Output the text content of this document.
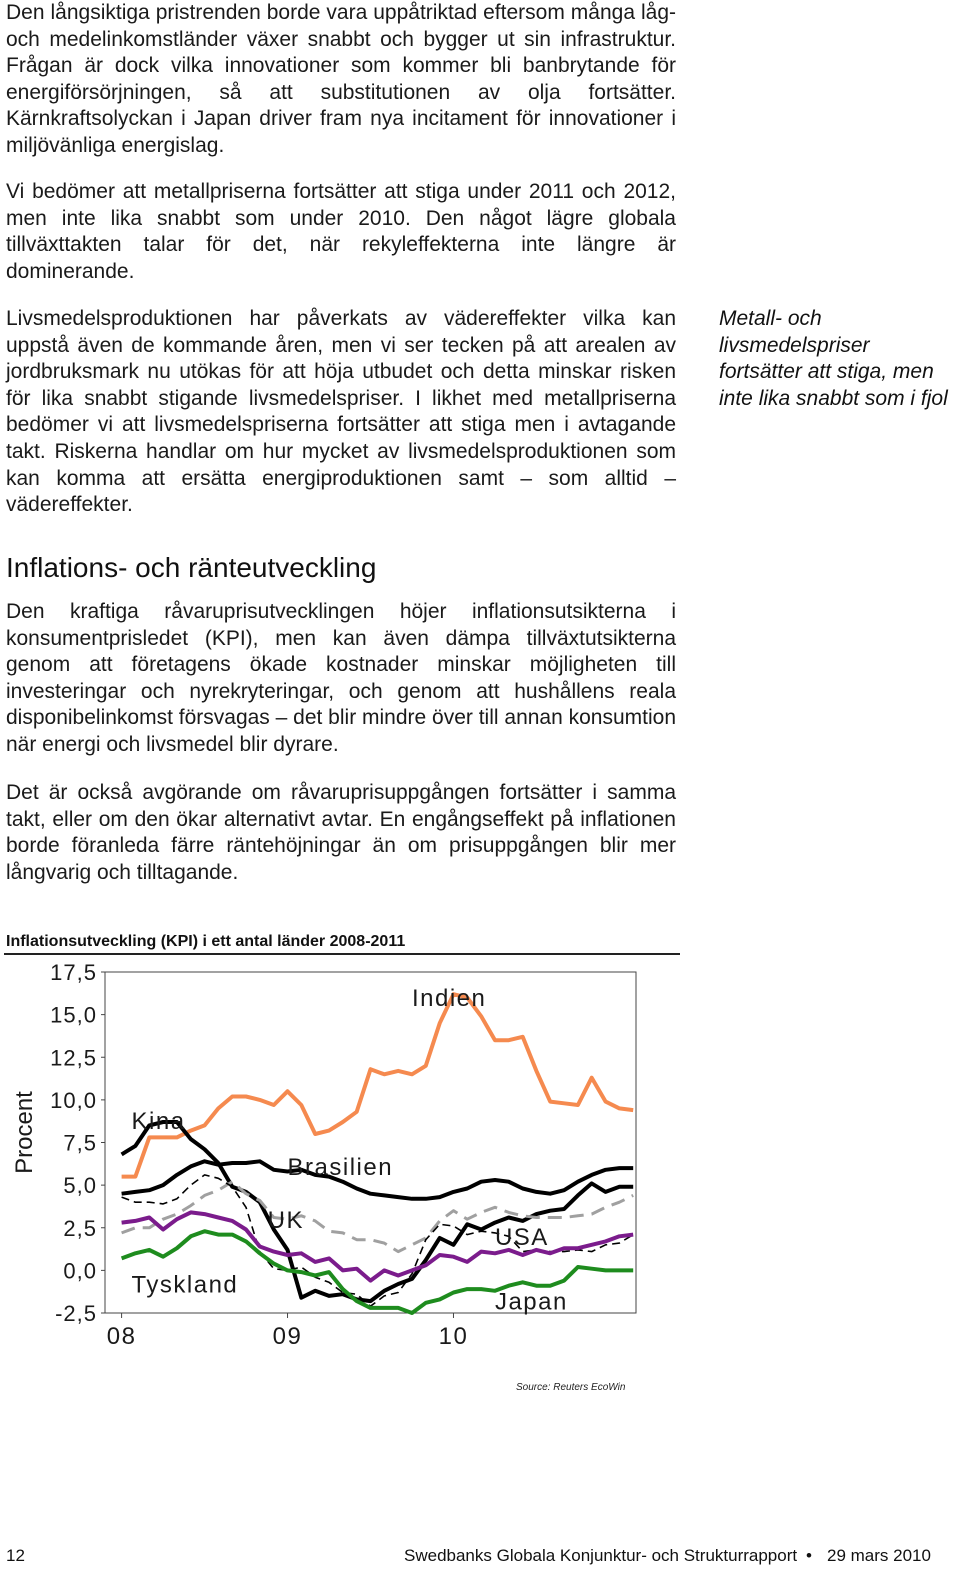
Den långsiktiga pristrenden borde vara uppåtriktad eftersom många låg- och medelinkomstländer växer snabbt och bygger ut sin infrastruktur. Frågan är dock vilka innovationer som kommer bli banbrytande för energiförsörjningen, så att substitutionen av olja fortsätter. Kärnkraftsolyckan i Japan driver fram nya incitament för innovationer i miljövänliga energislag.

Vi bedömer att metallpriserna fortsätter att stiga under 2011 och 2012, men inte lika snabbt som under 2010. Den något lägre globala tillväxttakten talar för det, när rekyleffekterna inte längre är dominerande.

Livsmedelsproduktionen har påverkats av vädereffekter vilka kan uppstå även de kommande åren, men vi ser tecken på att arealen av jordbruksmark nu utökas för att höja utbudet och detta minskar risken för lika snabbt stigande livsmedelspriser. I likhet med metallpriserna bedömer vi att livsmedelspriserna fortsätter att stiga men i avtagande takt. Riskerna handlar om hur mycket av livsmedelsproduktionen som kan komma att ersätta energiproduktionen samt – som alltid – vädereffekter.

Metall- och livsmedelspriser fortsätter att stiga, men inte lika snabbt som i fjol

Inflations- och ränteutveckling

Den kraftiga råvaruprisutvecklingen höjer inflationsutsikterna i konsumentprisledet (KPI), men kan även dämpa tillväxtutsikterna genom att företagens ökade kostnader minskar möjligheten till investeringar och nyrekryteringar, och genom att hushållens reala disponibelinkomst försvagas – det blir mindre över till annan konsumtion när energi och livsmedel blir dyrare.

Det är också avgörande om råvaruprisuppgången fortsätter i samma takt, eller om den ökar alternativt avtar. En engångseffekt på inflationen borde föranleda färre räntehöjningar än om prisuppgången blir mer långvarig och tilltagande.

Inflationsutveckling (KPI) i ett antal länder 2008-2011

-2,5
0,0
2,5
5,0
7,5
10,0
12,5
15,0
17,5
08	09	10
Procent
Indien
Kina
Brasilien
UK
USA
Tyskland
Japan

Source: Reuters EcoWin

12	Swedbanks Globala Konjunktur- och Strukturrapport • 29 mars 2010
